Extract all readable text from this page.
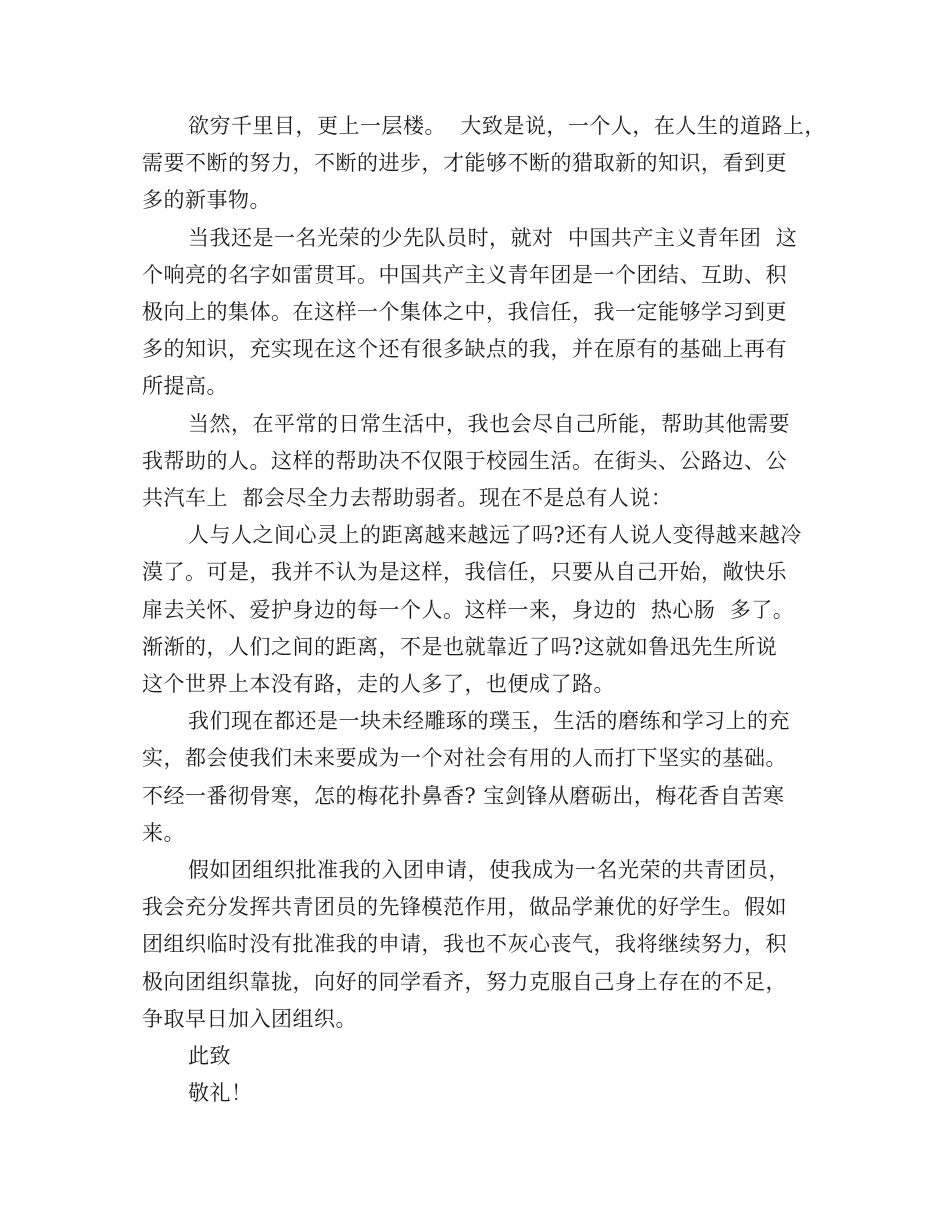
欲穷千里目，更上一层楼。  大致是说，一个人，在人生的道路上，
需要不断的努力，不断的进步，才能够不断的猎取新的知识，看到更
多的新事物。
当我还是一名光荣的少先队员时，就对  中国共产主义青年团  这
个响亮的名字如雷贯耳。中国共产主义青年团是一个团结、互助、积
极向上的集体。在这样一个集体之中，我信任，我一定能够学习到更
多的知识，充实现在这个还有很多缺点的我，并在原有的基础上再有
所提高。
当然，在平常的日常生活中，我也会尽自己所能，帮助其他需要
我帮助的人。这样的帮助决不仅限于校园生活。在街头、公路边、公
共汽车上  都会尽全力去帮助弱者。现在不是总有人说：
人与人之间心灵上的距离越来越远了吗?还有人说人变得越来越冷
漠了。可是，我并不认为是这样，我信任，只要从自己开始，敞快乐
扉去关怀、爱护身边的每一个人。这样一来，身边的  热心肠  多了。
渐渐的，人们之间的距离，不是也就靠近了吗?这就如鲁迅先生所说
这个世界上本没有路，走的人多了，也便成了路。
我们现在都还是一块未经雕琢的璞玉，生活的磨练和学习上的充
实，都会使我们未来要成为一个对社会有用的人而打下坚实的基础。
不经一番彻骨寒，怎的梅花扑鼻香? 宝剑锋从磨砺出，梅花香自苦寒
来。
假如团组织批准我的入团申请，使我成为一名光荣的共青团员，
我会充分发挥共青团员的先锋模范作用，做品学兼优的好学生。假如
团组织临时没有批准我的申请，我也不灰心丧气，我将继续努力，积
极向团组织靠拢，向好的同学看齐，努力克服自己身上存在的不足，
争取早日加入团组织。
此致
敬礼！
